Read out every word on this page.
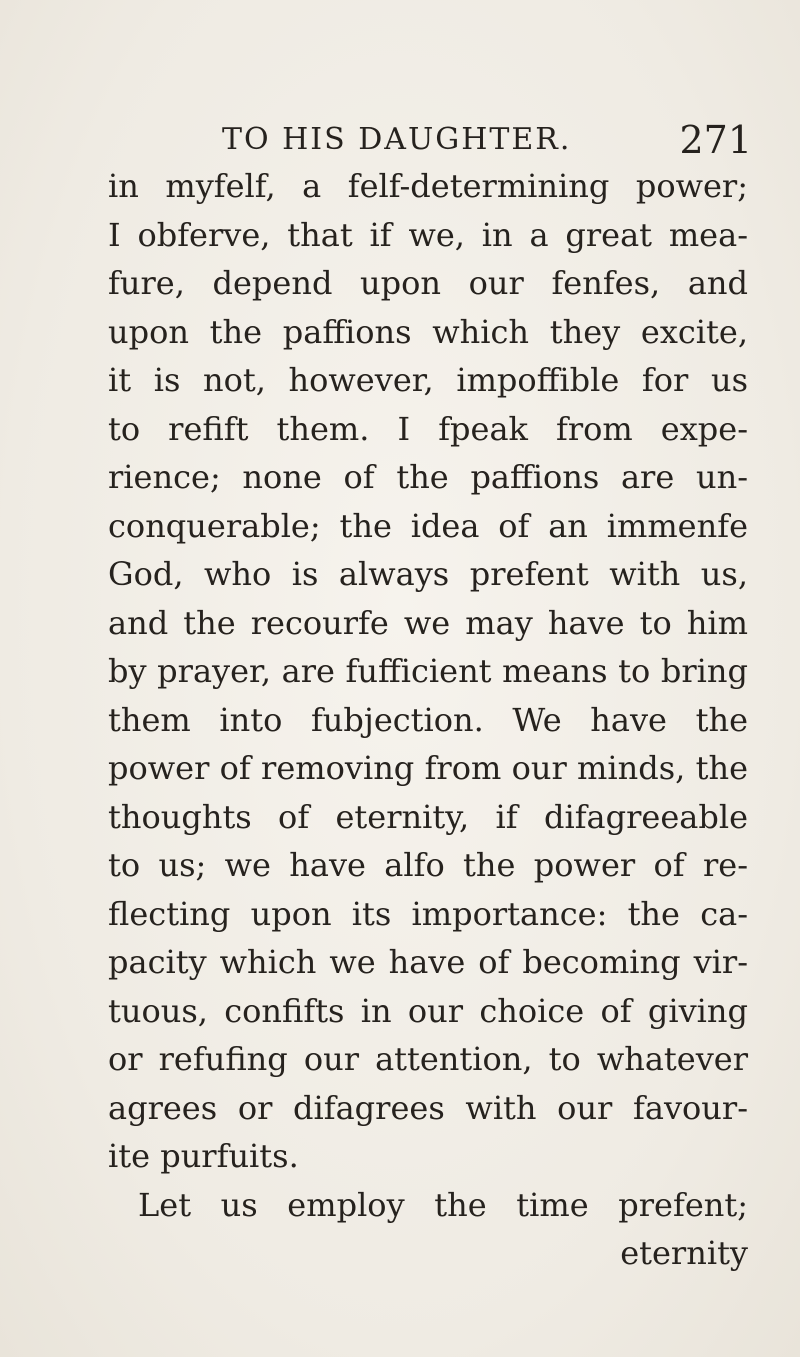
TO HIS DAUGHTER.	271
in myfelf, a felf-determining power;
I obferve, that if we, in a great mea-
fure, depend upon our fenfes, and
upon the paffions which they excite,
it is not, however, impoffible for us
to refift them. I fpeak from expe-
rience; none of the paffions are un-
conquerable; the idea of an immenfe
God, who is always prefent with us,
and the recourfe we may have to him
by prayer, are fufficient means to bring
them into fubjection. We have the
power of removing from our minds, the
thoughts of eternity, if difagreeable
to us; we have alfo the power of re-
flecting upon its importance: the ca-
pacity which we have of becoming vir-
tuous, confifts in our choice of giving
or refufing our attention, to whatever
agrees or difagrees with our favour-
ite purfuits.
Let us employ the time prefent;
eternity
